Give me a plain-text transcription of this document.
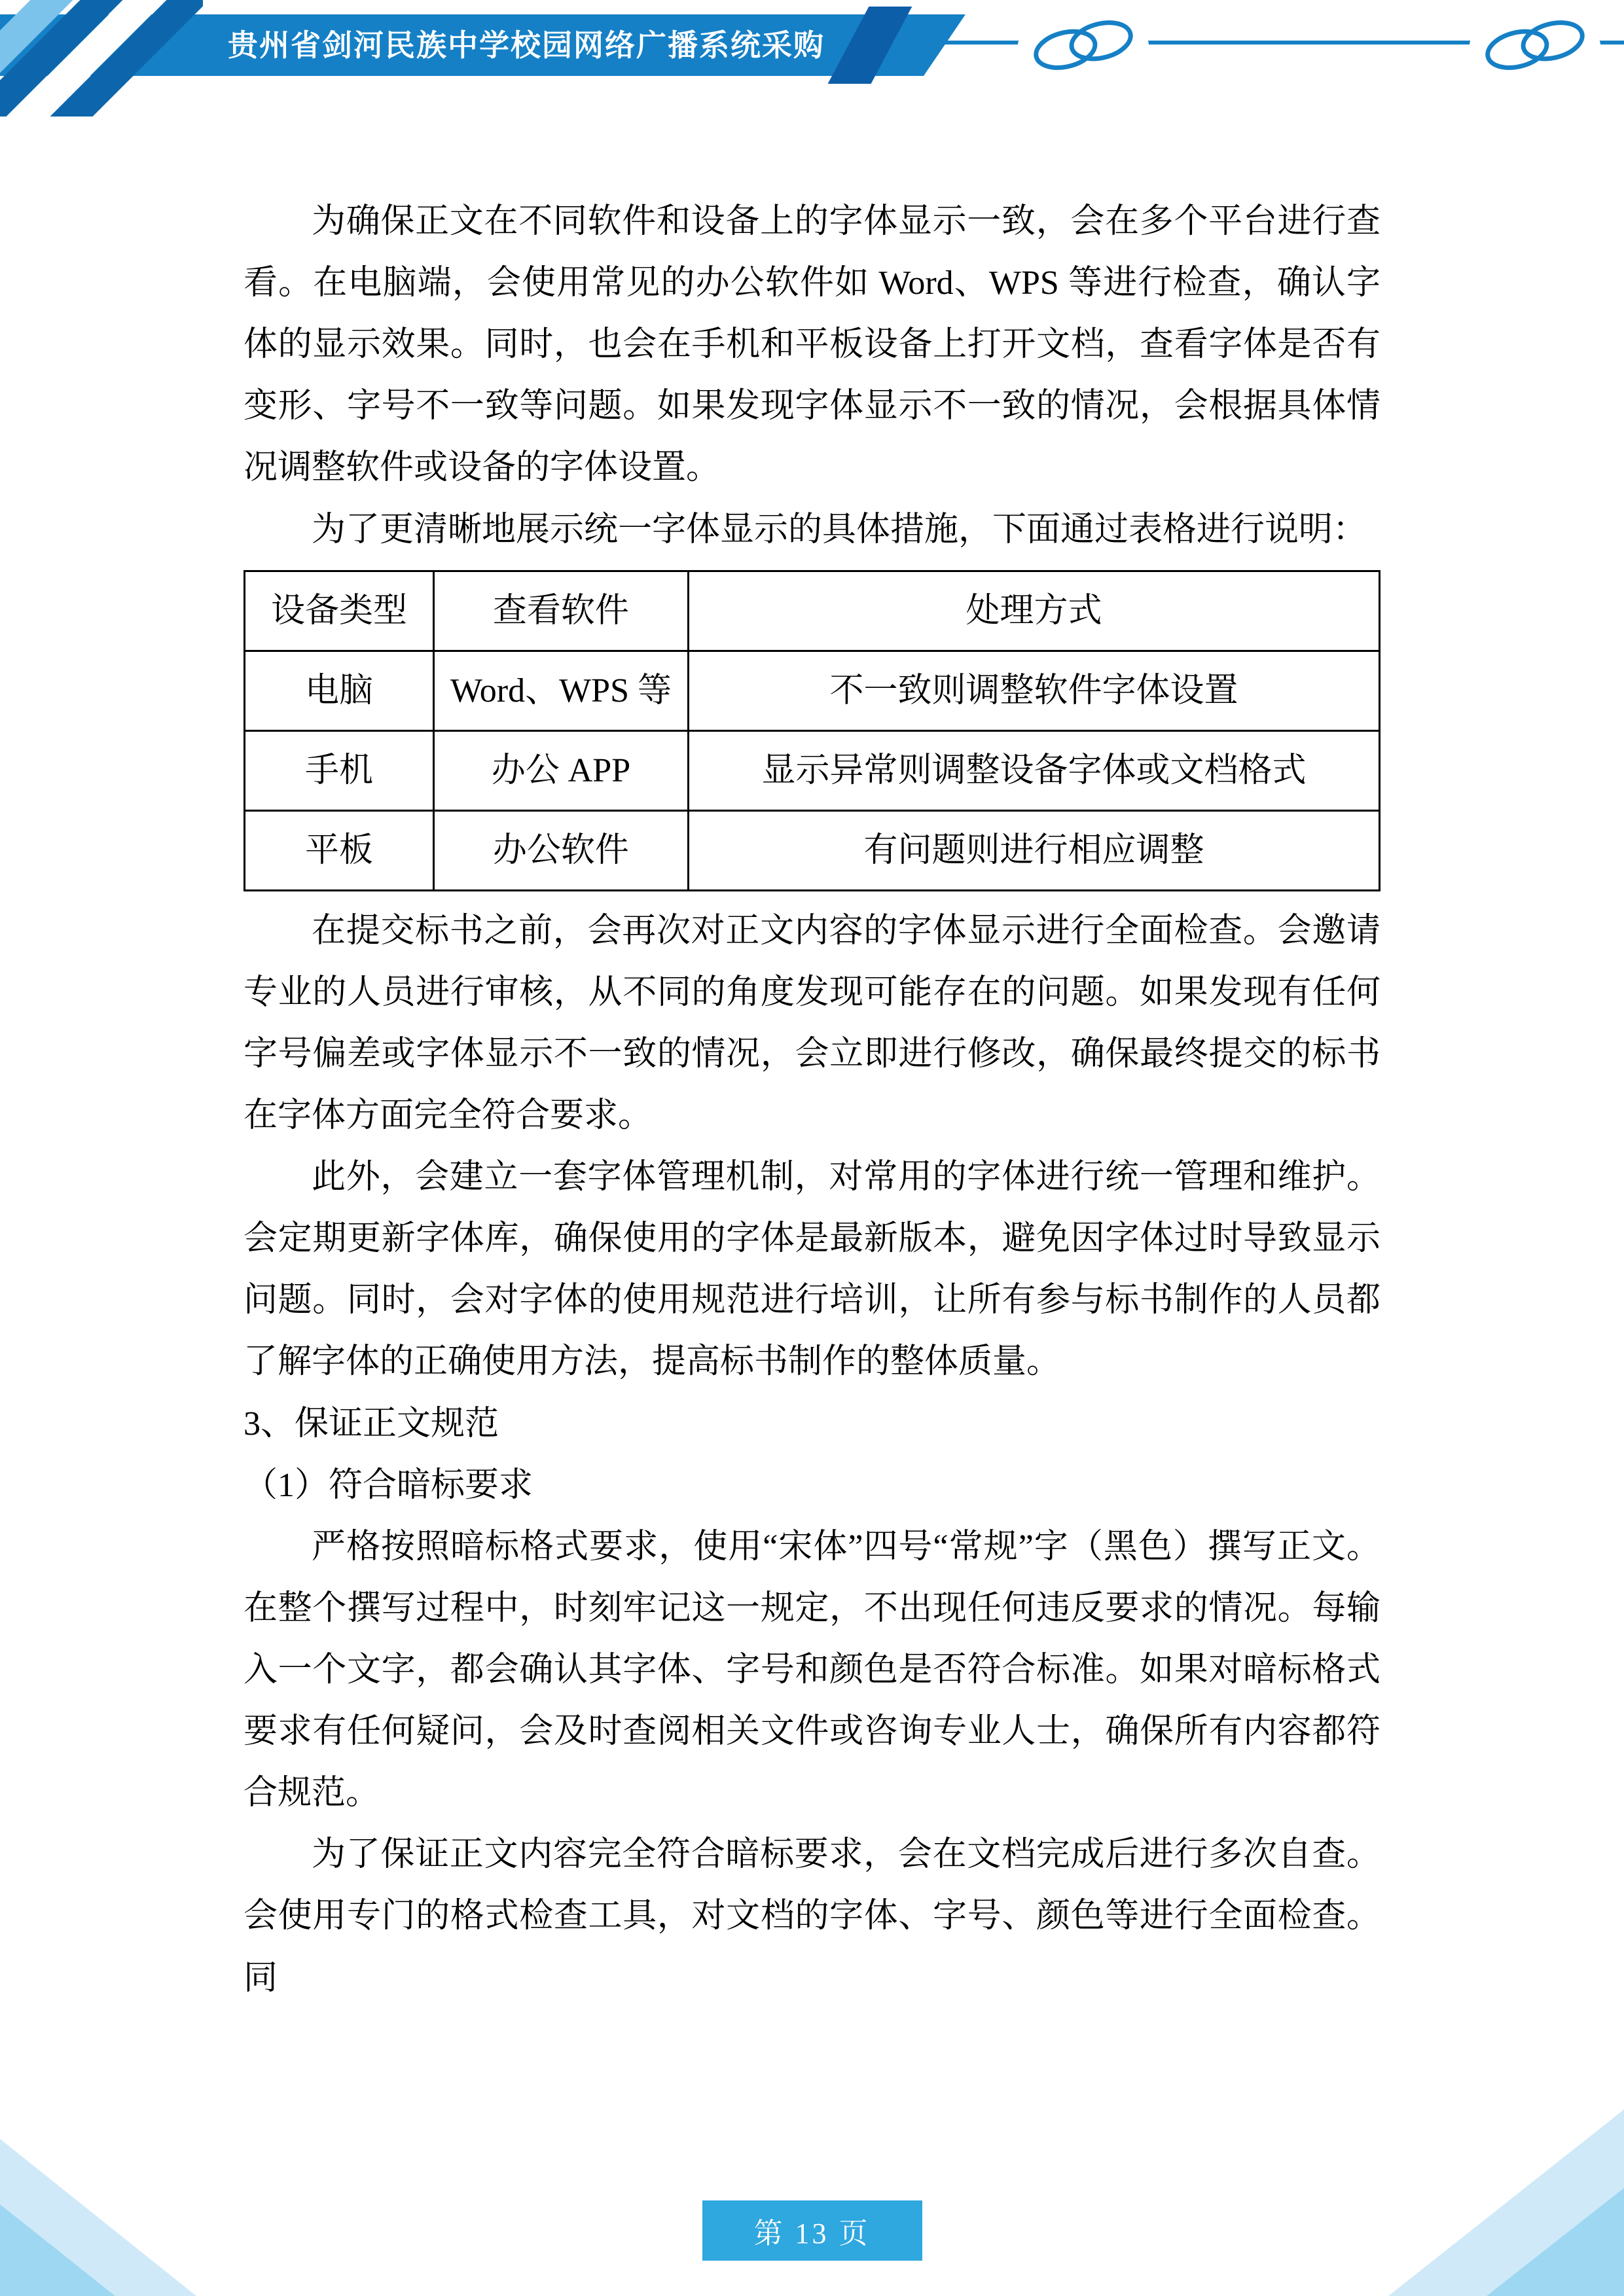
贵州省剑河民族中学校园网络广播系统采购

为确保正文在不同软件和设备上的字体显示一致，会在多个平台进行查看。在电脑端，会使用常见的办公软件如 Word、WPS 等进行检查，确认字体的显示效果。同时，也会在手机和平板设备上打开文档，查看字体是否有变形、字号不一致等问题。如果发现字体显示不一致的情况，会根据具体情况调整软件或设备的字体设置。

为了更清晰地展示统一字体显示的具体措施，下面通过表格进行说明：

设备类型	查看软件	处理方式
电脑	Word、WPS 等	不一致则调整软件字体设置
手机	办公 APP	显示异常则调整设备字体或文档格式
平板	办公软件	有问题则进行相应调整

在提交标书之前，会再次对正文内容的字体显示进行全面检查。会邀请专业的人员进行审核，从不同的角度发现可能存在的问题。如果发现有任何字号偏差或字体显示不一致的情况，会立即进行修改，确保最终提交的标书在字体方面完全符合要求。

此外，会建立一套字体管理机制，对常用的字体进行统一管理和维护。会定期更新字体库，确保使用的字体是最新版本，避免因字体过时导致显示问题。同时，会对字体的使用规范进行培训，让所有参与标书制作的人员都了解字体的正确使用方法，提高标书制作的整体质量。

3、保证正文规范
（1）符合暗标要求

严格按照暗标格式要求，使用“宋体”四号“常规”字（黑色）撰写正文。在整个撰写过程中，时刻牢记这一规定，不出现任何违反要求的情况。每输入一个文字，都会确认其字体、字号和颜色是否符合标准。如果对暗标格式要求有任何疑问，会及时查阅相关文件或咨询专业人士，确保所有内容都符合规范。

为了保证正文内容完全符合暗标要求，会在文档完成后进行多次自查。会使用专门的格式检查工具，对文档的字体、字号、颜色等进行全面检查。同

第 13 页
